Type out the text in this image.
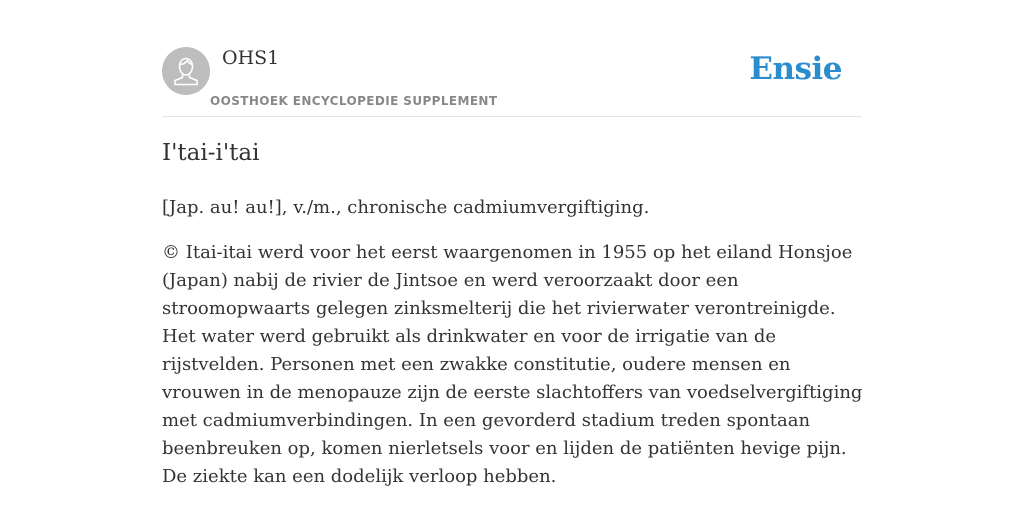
OHS1
OOSTHOEK ENCYCLOPEDIE SUPPLEMENT
Ensie
I'tai-i'tai

[Jap. au! au!], v./m., chronische cadmiumvergiftiging.

© Itai-itai werd voor het eerst waargenomen in 1955 op het eiland Honsjoe (Japan) nabij de rivier de Jintsoe en werd veroorzaakt door een stroomopwaarts gelegen zinksmelterij die het rivierwater verontreinigde. Het water werd gebruikt als drinkwater en voor de irrigatie van de rijstvelden. Personen met een zwakke constitutie, oudere mensen en vrouwen in de menopauze zijn de eerste slachtoffers van voedselvergiftiging met cadmiumverbindingen. In een gevorderd stadium treden spontaan beenbreuken op, komen nierletsels voor en lijden de patiënten hevige pijn. De ziekte kan een dodelijk verloop hebben.
